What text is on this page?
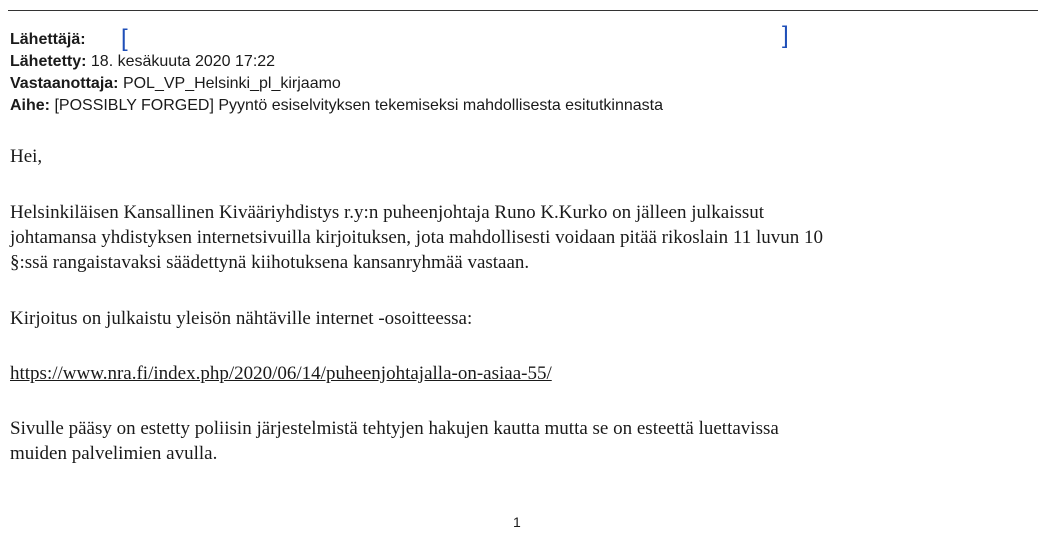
Lähettäjä: [	]
Lähetetty: 18. kesäkuuta 2020 17:22
Vastaanottaja: POL_VP_Helsinki_pl_kirjaamo
Aihe: [POSSIBLY FORGED] Pyyntö esiselvityksen tekemiseksi mahdollisesta esitutkinnasta
Hei,
Helsinkiläisen Kansallinen Kivääriyhdistys r.y:n puheenjohtaja Runo K.Kurko on jälleen julkaissut
johtamansa yhdistyksen internetsivuilla kirjoituksen, jota mahdollisesti voidaan pitää rikoslain 11 luvun 10
§:ssä rangaistavaksi säädettynä kiihotuksena kansanryhmää vastaan.
Kirjoitus on julkaistu yleisön nähtäville internet -osoitteessa:
https://www.nra.fi/index.php/2020/06/14/puheenjohtajalla-on-asiaa-55/
Sivulle pääsy on estetty poliisin järjestelmistä tehtyjen hakujen kautta mutta se on esteettä luettavissa
muiden palvelimien avulla.
1
